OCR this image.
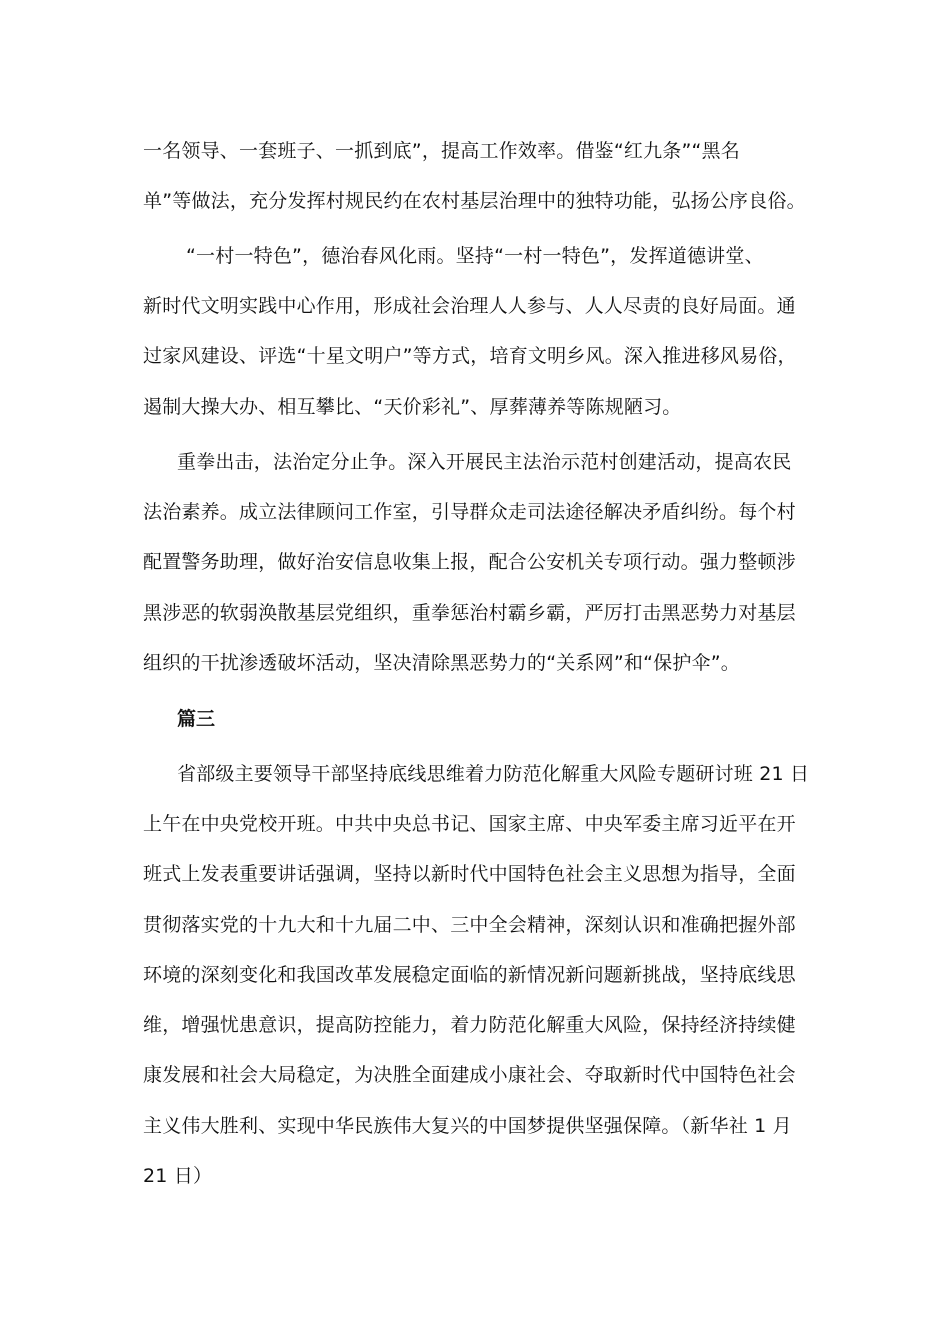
一名领导、一套班子、一抓到底”，提高工作效率。借鉴“红九条”“黑名
单”等做法，充分发挥村规民约在农村基层治理中的独特功能，弘扬公序良俗。
“一村一特色”，德治春风化雨。坚持“一村一特色”，发挥道德讲堂、
新时代文明实践中心作用，形成社会治理人人参与、人人尽责的良好局面。通
过家风建设、评选“十星文明户”等方式，培育文明乡风。深入推进移风易俗，
遏制大操大办、相互攀比、“天价彩礼”、厚葬薄养等陈规陋习。
重拳出击，法治定分止争。深入开展民主法治示范村创建活动，提高农民
法治素养。成立法律顾问工作室，引导群众走司法途径解决矛盾纠纷。每个村
配置警务助理，做好治安信息收集上报，配合公安机关专项行动。强力整顿涉
黑涉恶的软弱涣散基层党组织，重拳惩治村霸乡霸，严厉打击黑恶势力对基层
组织的干扰渗透破坏活动，坚决清除黑恶势力的“关系网”和“保护伞”。
篇三
省部级主要领导干部坚持底线思维着力防范化解重大风险专题研讨班 21 日
上午在中央党校开班。中共中央总书记、国家主席、中央军委主席习近平在开
班式上发表重要讲话强调，坚持以新时代中国特色社会主义思想为指导，全面
贯彻落实党的十九大和十九届二中、三中全会精神，深刻认识和准确把握外部
环境的深刻变化和我国改革发展稳定面临的新情况新问题新挑战，坚持底线思
维，增强忧患意识，提高防控能力，着力防范化解重大风险，保持经济持续健
康发展和社会大局稳定，为决胜全面建成小康社会、夺取新时代中国特色社会
主义伟大胜利、实现中华民族伟大复兴的中国梦提供坚强保障。（新华社 1 月
21 日）
